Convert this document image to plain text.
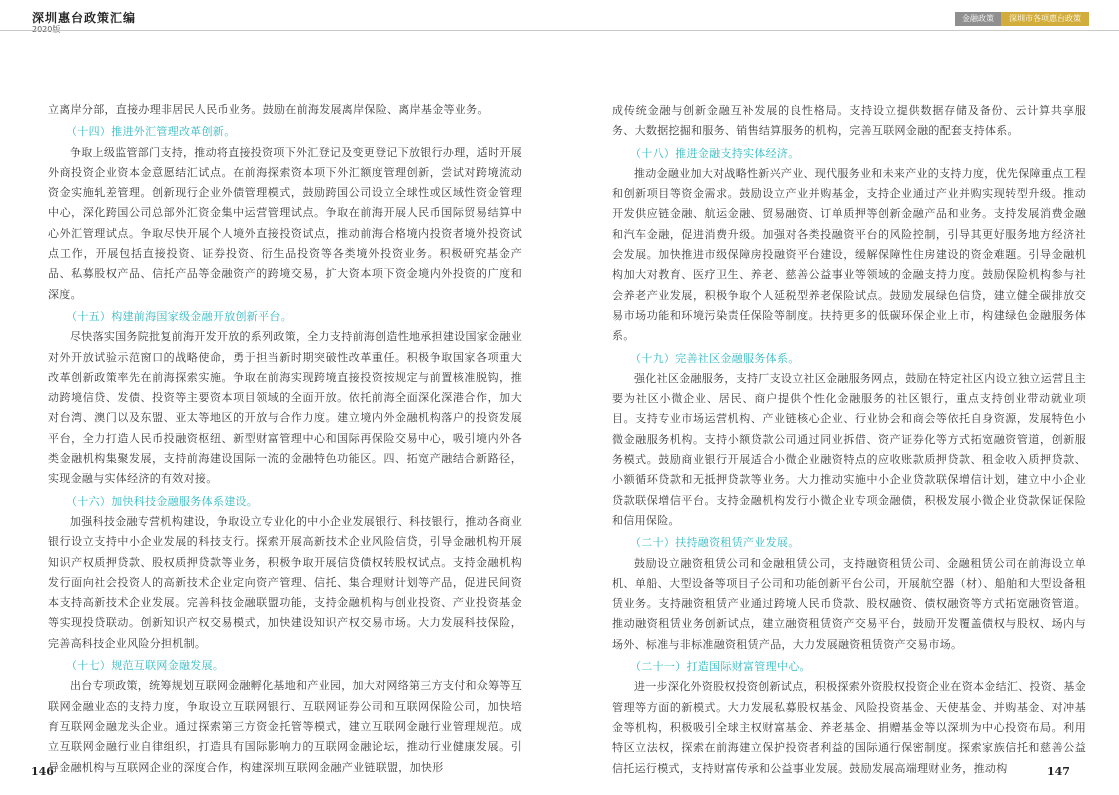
深圳惠台政策汇编	金融政策	深圳市各项惠台政策

立离岸分部，直接办理非居民人民币业务。鼓励在前海发展离岸保险、离岸基金等业务。

（十四）推进外汇管理改革创新。

争取上级监管部门支持，推动将直接投资项下外汇登记及变更登记下放银行办理，适时开展外商投资企业资本金意愿结汇试点。在前海探索资本项下外汇额度管理创新，尝试对跨境流动资金实施轧差管理。创新现行企业外债管理模式，鼓励跨国公司设立全球性或区域性资金管理中心，深化跨国公司总部外汇资金集中运营管理试点。争取在前海开展人民币国际贸易结算中心外汇管理试点。争取尽快开展个人境外直接投资试点，推动前海合格境内投资者境外投资试点工作，开展包括直接投资、证券投资、衍生品投资等各类境外投资业务。积极研究基金产品、私募股权产品、信托产品等金融资产的跨境交易，扩大资本项下资金境内外投资的广度和深度。

（十五）构建前海国家级金融开放创新平台。

尽快落实国务院批复前海开发开放的系列政策，全力支持前海创造性地承担建设国家金融业对外开放试验示范窗口的战略使命，勇于担当新时期突破性改革重任。积极争取国家各项重大改革创新政策率先在前海探索实施。争取在前海实现跨境直接投资按规定与前置核准脱钩，推动跨境信贷、发债、投资等主要资本项目领域的全面开放。依托前海全面深化深港合作，加大对台湾、澳门以及东盟、亚太等地区的开放与合作力度。建立境内外金融机构落户的投资发展平台，全力打造人民币投融资枢纽、新型财富管理中心和国际再保险交易中心，吸引境内外各类金融机构集聚发展，支持前海建设国际一流的金融特色功能区。四、拓宽产融结合新路径，实现金融与实体经济的有效对接。

（十六）加快科技金融服务体系建设。

加强科技金融专营机构建设，争取设立专业化的中小企业发展银行、科技银行，推动各商业银行设立支持中小企业发展的科技支行。探索开展高新技术企业风险信贷，引导金融机构开展知识产权质押贷款、股权质押贷款等业务，积极争取开展信贷债权转股权试点。支持金融机构发行面向社会投资人的高新技术企业定向资产管理、信托、集合理财计划等产品，促进民间资本支持高新技术企业发展。完善科技金融联盟功能，支持金融机构与创业投资、产业投资基金等实现投贷联动。创新知识产权交易模式，加快建设知识产权交易市场。大力发展科技保险，完善高科技企业风险分担机制。

（十七）规范互联网金融发展。

出台专项政策，统筹规划互联网金融孵化基地和产业园，加大对网络第三方支付和众筹等互联网金融业态的支持力度，争取设立互联网银行、互联网证券公司和互联网保险公司，加快培育互联网金融龙头企业。通过探索第三方资金托管等模式，建立互联网金融行业管理规范。成立互联网金融行业自律组织，打造具有国际影响力的互联网金融论坛，推动行业健康发展。引导金融机构与互联网企业的深度合作，构建深圳互联网金融产业链联盟，加快形

成传统金融与创新金融互补发展的良性格局。支持设立提供数据存储及备份、云计算共享服务、大数据挖掘和服务、销售结算服务的机构，完善互联网金融的配套支持体系。

（十八）推进金融支持实体经济。

推动金融业加大对战略性新兴产业、现代服务业和未来产业的支持力度，优先保障重点工程和创新项目等资金需求。鼓励设立产业并购基金，支持企业通过产业并购实现转型升级。推动开发供应链金融、航运金融、贸易融资、订单质押等创新金融产品和业务。支持发展消费金融和汽车金融，促进消费升级。加强对各类投融资平台的风险控制，引导其更好服务地方经济社会发展。加快推进市级保障房投融资平台建设，缓解保障性住房建设的资金难题。引导金融机构加大对教育、医疗卫生、养老、慈善公益事业等领域的金融支持力度。鼓励保险机构参与社会养老产业发展，积极争取个人延税型养老保险试点。鼓励发展绿色信贷，建立健全碳排放交易市场功能和环境污染责任保险等制度。扶持更多的低碳环保企业上市，构建绿色金融服务体系。

（十九）完善社区金融服务体系。

强化社区金融服务，支持厂支设立社区金融服务网点，鼓励在特定社区内设立独立运营且主要为社区小微企业、居民、商户提供个性化金融服务的社区银行，重点支持创业带动就业项目。支持专业市场运营机构、产业链核心企业、行业协会和商会等依托自身资源，发展特色小微金融服务机构。支持小额贷款公司通过同业拆借、资产证券化等方式拓宽融资管道，创新服务模式。鼓励商业银行开展适合小微企业融资特点的应收账款质押贷款、租金收入质押贷款、小额循环贷款和无抵押贷款等业务。大力推动实施中小企业贷款联保增信计划，建立中小企业贷款联保增信平台。支持金融机构发行小微企业专项金融债，积极发展小微企业贷款保证保险和信用保险。

（二十）扶持融资租赁产业发展。

鼓励设立融资租赁公司和金融租赁公司，支持融资租赁公司、金融租赁公司在前海设立单机、单船、大型设备等项目子公司和功能创新平台公司，开展航空器（材）、船舶和大型设备租赁业务。支持融资租赁产业通过跨境人民币贷款、股权融资、债权融资等方式拓宽融资管道。推动融资租赁业务创新试点，建立融资租赁资产交易平台，鼓励开发覆盖债权与股权、场内与场外、标准与非标准融资租赁产品，大力发展融资租赁资产交易市场。

（二十一）打造国际财富管理中心。

进一步深化外资股权投资创新试点，积极探索外资股权投资企业在资本金结汇、投资、基金管理等方面的新模式。大力发展私募股权基金、风险投资基金、天使基金、并购基金、对冲基金等机构，积极吸引全球主权财富基金、养老基金、捐赠基金等以深圳为中心投资布局。利用特区立法权，探索在前海建立保护投资者利益的国际通行保密制度。探索家族信托和慈善公益信托运行模式，支持财富传承和公益事业发展。鼓励发展高端理财业务，推动构

146	147
